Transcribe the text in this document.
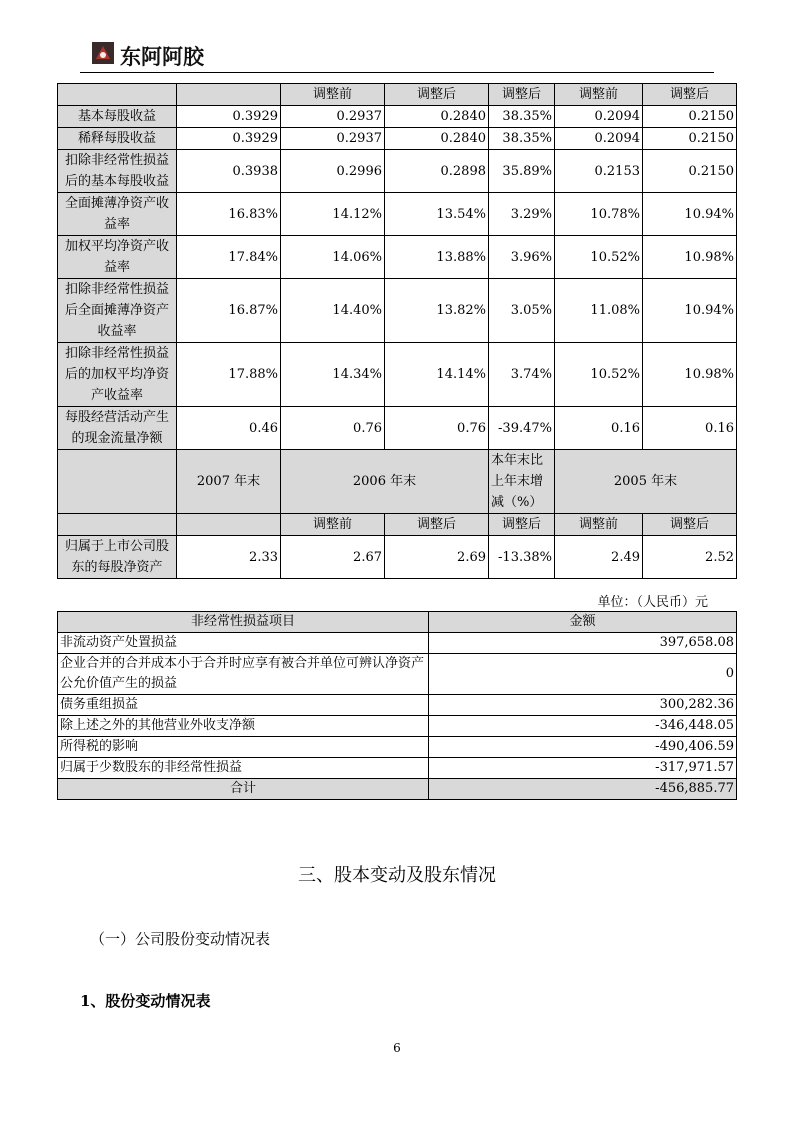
东阿阿胶
		调整前	调整后	调整后	调整前	调整后
基本每股收益	0.3929	0.2937	0.2840	38.35%	0.2094	0.2150
稀释每股收益	0.3929	0.2937	0.2840	38.35%	0.2094	0.2150
扣除非经常性损益后的基本每股收益	0.3938	0.2996	0.2898	35.89%	0.2153	0.2150
全面摊薄净资产收益率	16.83%	14.12%	13.54%	3.29%	10.78%	10.94%
加权平均净资产收益率	17.84%	14.06%	13.88%	3.96%	10.52%	10.98%
扣除非经常性损益后全面摊薄净资产收益率	16.87%	14.40%	13.82%	3.05%	11.08%	10.94%
扣除非经常性损益后的加权平均净资产收益率	17.88%	14.34%	14.14%	3.74%	10.52%	10.98%
每股经营活动产生的现金流量净额	0.46	0.76	0.76	-39.47%	0.16	0.16
	2007 年末	2006 年末		本年末比上年末增减（%）	2005 年末	
		调整前	调整后	调整后	调整前	调整后
归属于上市公司股东的每股净资产	2.33	2.67	2.69	-13.38%	2.49	2.52
单位：（人民币）元
非经常性损益项目	金额
非流动资产处置损益	397,658.08
企业合并的合并成本小于合并时应享有被合并单位可辨认净资产公允价值产生的损益	0
债务重组损益	300,282.36
除上述之外的其他营业外收支净额	-346,448.05
所得税的影响	-490,406.59
归属于少数股东的非经常性损益	-317,971.57
合计	-456,885.77
三、股本变动及股东情况
（一）公司股份变动情况表
1、股份变动情况表
6
